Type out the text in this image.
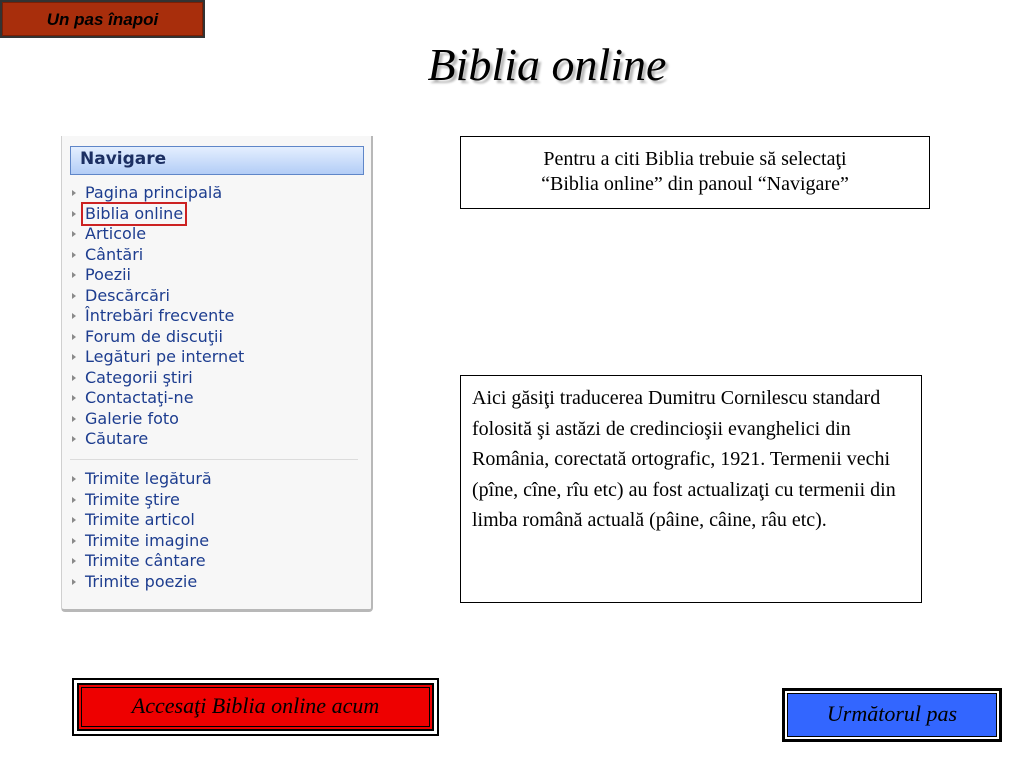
Un pas înapoi
Biblia online
Navigare
Pagina principală
Biblia online
Articole
Cântări
Poezii
Descărcări
Întrebări frecvente
Forum de discuţii
Legături pe internet
Categorii ştiri
Contactaţi-ne
Galerie foto
Căutare
Trimite legătură
Trimite ştire
Trimite articol
Trimite imagine
Trimite cântare
Trimite poezie
Pentru a citi Biblia trebuie să selectaţi
“Biblia online” din panoul “Navigare”
Aici găsiţi traducerea Dumitru Cornilescu standard folosită şi astăzi de credincioşii evanghelici din România, corectată ortografic, 1921. Termenii vechi (pîne, cîne, rîu etc) au fost actualizaţi cu termenii din limba română actuală (pâine, câine, râu etc).
Accesaţi Biblia online acum	Următorul pas
